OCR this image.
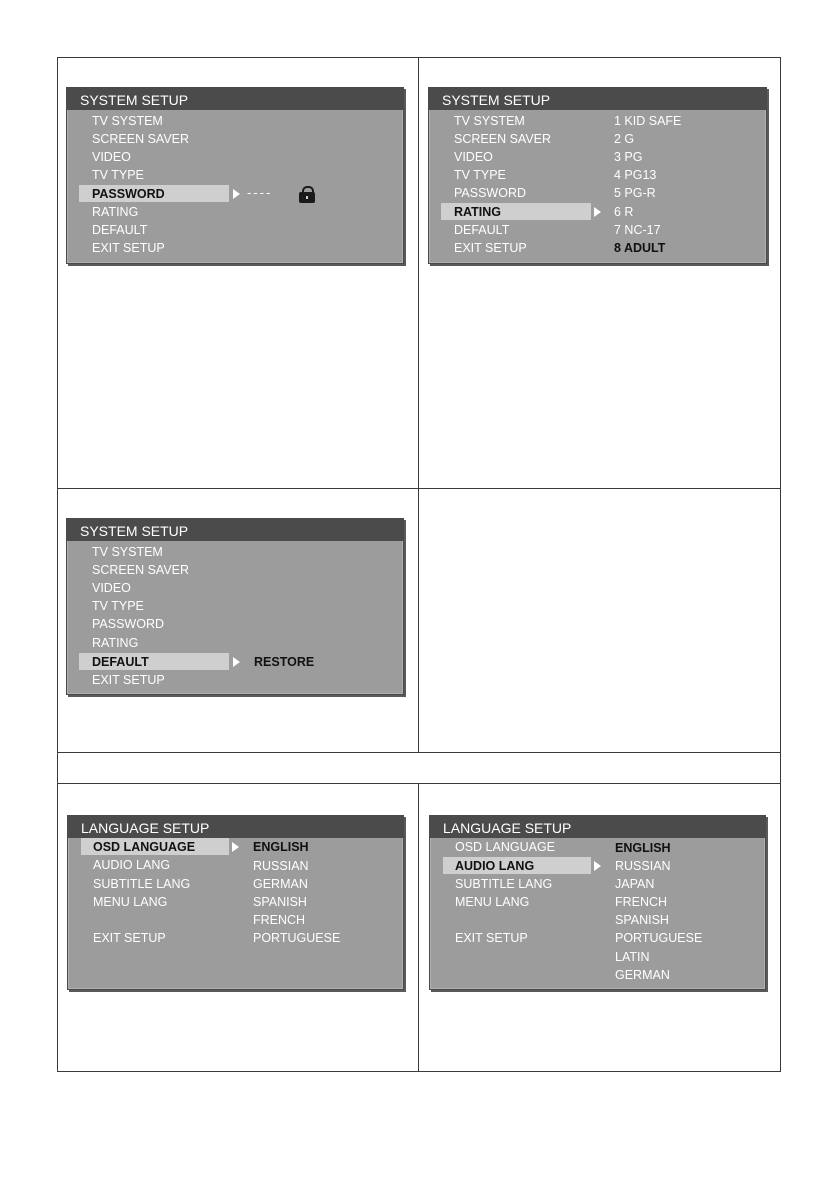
SYSTEM SETUP
TV SYSTEM
SCREEN SAVER
VIDEO
TV TYPE
PASSWORD
RATING
DEFAULT
EXIT SETUP
----
SYSTEM SETUP
TV SYSTEM
SCREEN SAVER
VIDEO
TV TYPE
PASSWORD
RATING
DEFAULT
EXIT SETUP
1 KID SAFE
2 G
3 PG
4 PG13
5 PG-R
6 R
7 NC-17
8 ADULT
SYSTEM SETUP
TV SYSTEM
SCREEN SAVER
VIDEO
TV TYPE
PASSWORD
RATING
DEFAULT
EXIT SETUP
RESTORE
LANGUAGE SETUP
OSD LANGUAGE
AUDIO LANG
SUBTITLE LANG
MENU LANG
EXIT SETUP
ENGLISH
RUSSIAN
GERMAN
SPANISH
FRENCH
PORTUGUESE
LANGUAGE SETUP
OSD LANGUAGE
AUDIO LANG
SUBTITLE LANG
MENU LANG
EXIT SETUP
ENGLISH
RUSSIAN
JAPAN
FRENCH
SPANISH
PORTUGUESE
LATIN
GERMAN
